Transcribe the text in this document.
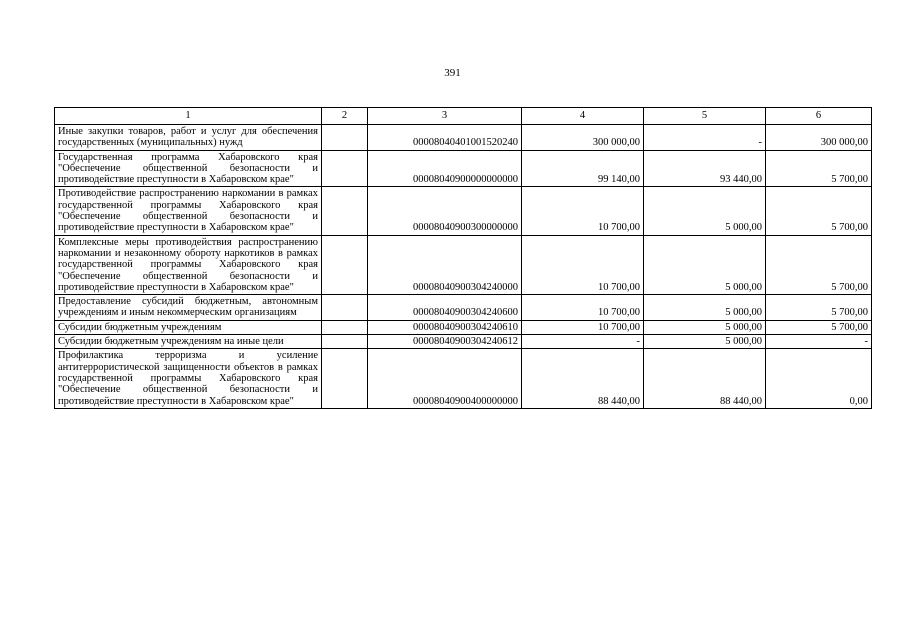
391
1	2	3	4	5	6
Иные закупки товаров, работ и услуг для обеспечения государственных (муниципальных) нужд		00008040401001520240	300 000,00	-	300 000,00
Государственная программа Хабаровского края "Обеспечение общественной безопасности и противодействие преступности в Хабаровском крае"		00008040900000000000	99 140,00	93 440,00	5 700,00
Противодействие распространению наркомании в рамках государственной программы Хабаровского края "Обеспечение общественной безопасности и противодействие преступности в Хабаровском крае"		00008040900300000000	10 700,00	5 000,00	5 700,00
Комплексные меры противодействия распространению наркомании и незаконному обороту наркотиков в рамках государственной программы Хабаровского края "Обеспечение общественной безопасности и противодействие преступности в Хабаровском крае"		00008040900304240000	10 700,00	5 000,00	5 700,00
Предоставление субсидий бюджетным, автономным учреждениям и иным некоммерческим организациям		00008040900304240600	10 700,00	5 000,00	5 700,00
Субсидии бюджетным учреждениям		00008040900304240610	10 700,00	5 000,00	5 700,00
Субсидии бюджетным учреждениям на иные цели		00008040900304240612	-	5 000,00	-
Профилактика терроризма и усиление антитеррористической защищенности объектов в рамках государственной программы Хабаровского края "Обеспечение общественной безопасности и противодействие преступности в Хабаровском крае"		00008040900400000000	88 440,00	88 440,00	0,00
